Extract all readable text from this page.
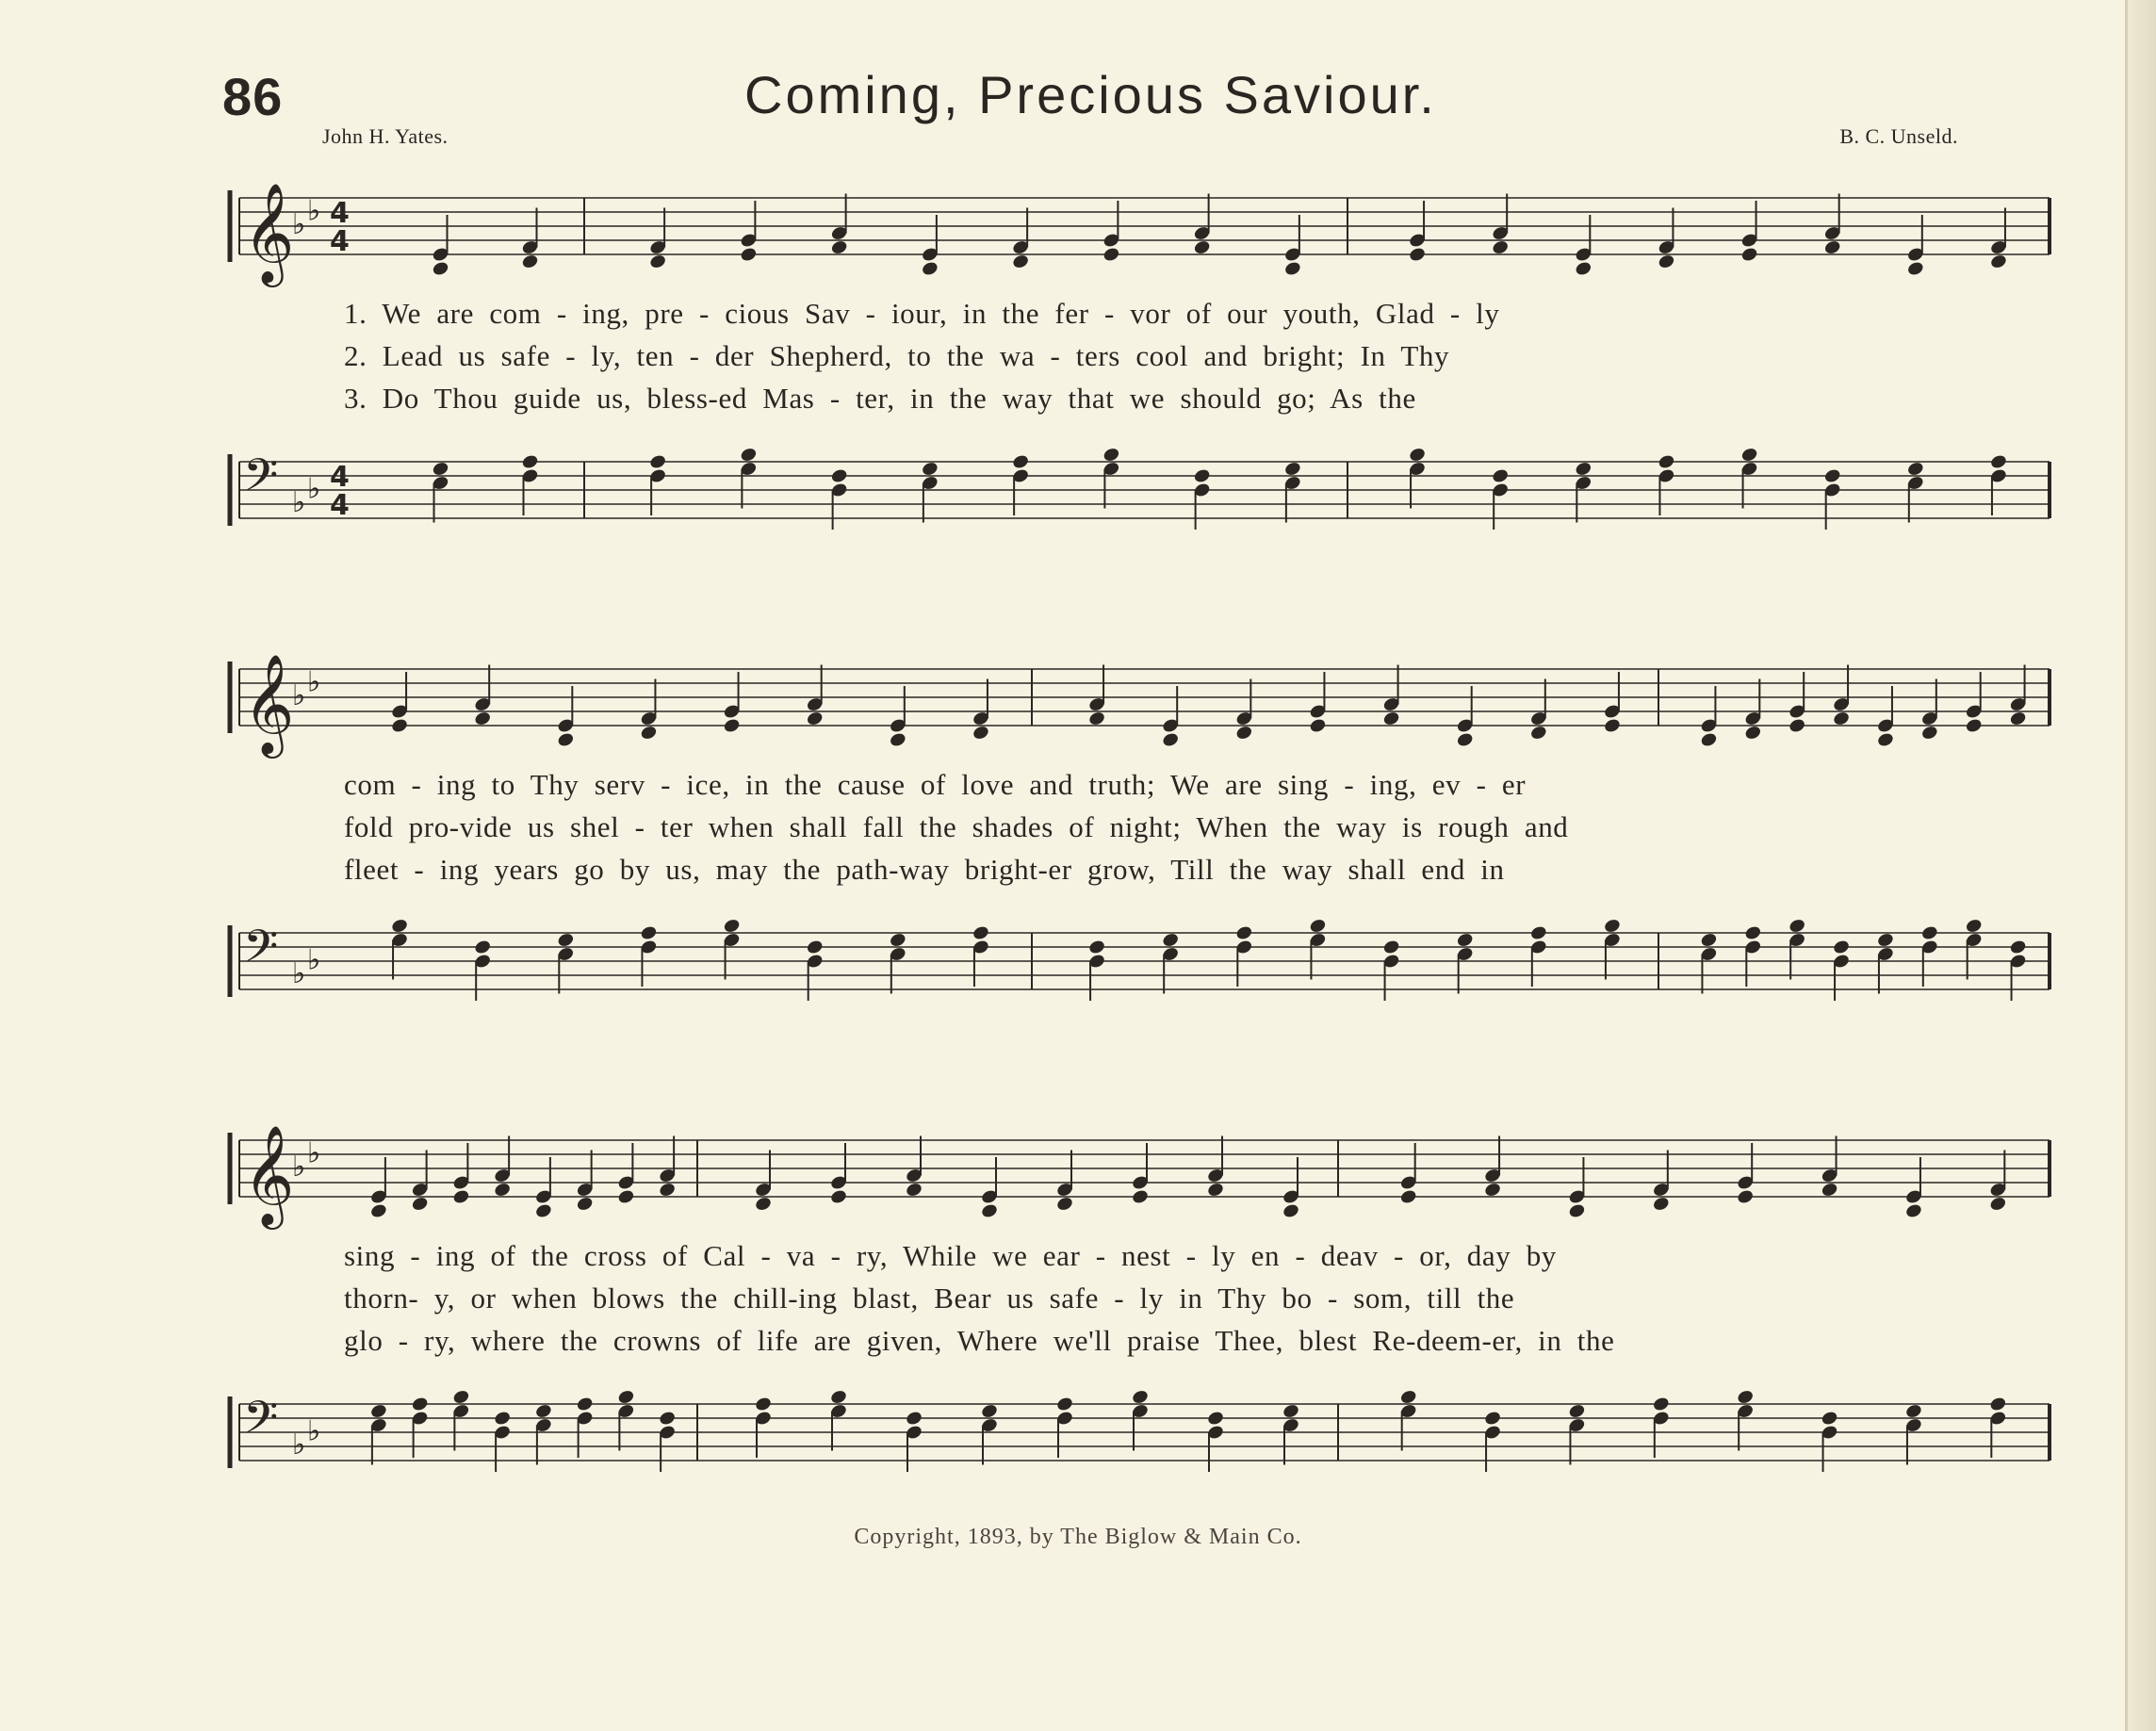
86	Coming, Precious Saviour.
John H. Yates.	B. C. Unseld.
𝄞
♭ ♭ 4
4
1. We are com - ing, pre - cious Sav - iour, in the fer - vor of our youth, Glad - ly
2. Lead us safe - ly, ten - der Shepherd, to the wa - ters cool and bright; In Thy
3. Do Thou guide us, bless-ed Mas - ter, in the way that we should go; As the
𝄢 ♭ ♭ 4
4
𝄞
♭ ♭
com - ing to Thy serv - ice, in the cause of love and truth; We are sing - ing, ev - er
fold pro-vide us shel - ter when shall fall the shades of night; When the way is rough and
fleet - ing years go by us, may the path-way bright-er grow, Till the way shall end in
𝄢 ♭ ♭
𝄞
♭ ♭
sing - ing of the cross of Cal - va - ry, While we ear - nest - ly en - deav - or, day by
thorn- y, or when blows the chill-ing blast, Bear us safe - ly in Thy bo - som, till the
glo - ry, where the crowns of life are given, Where we'll praise Thee, blest Re-deem-er, in the
𝄢 ♭ ♭
Copyright, 1893, by The Biglow & Main Co.
